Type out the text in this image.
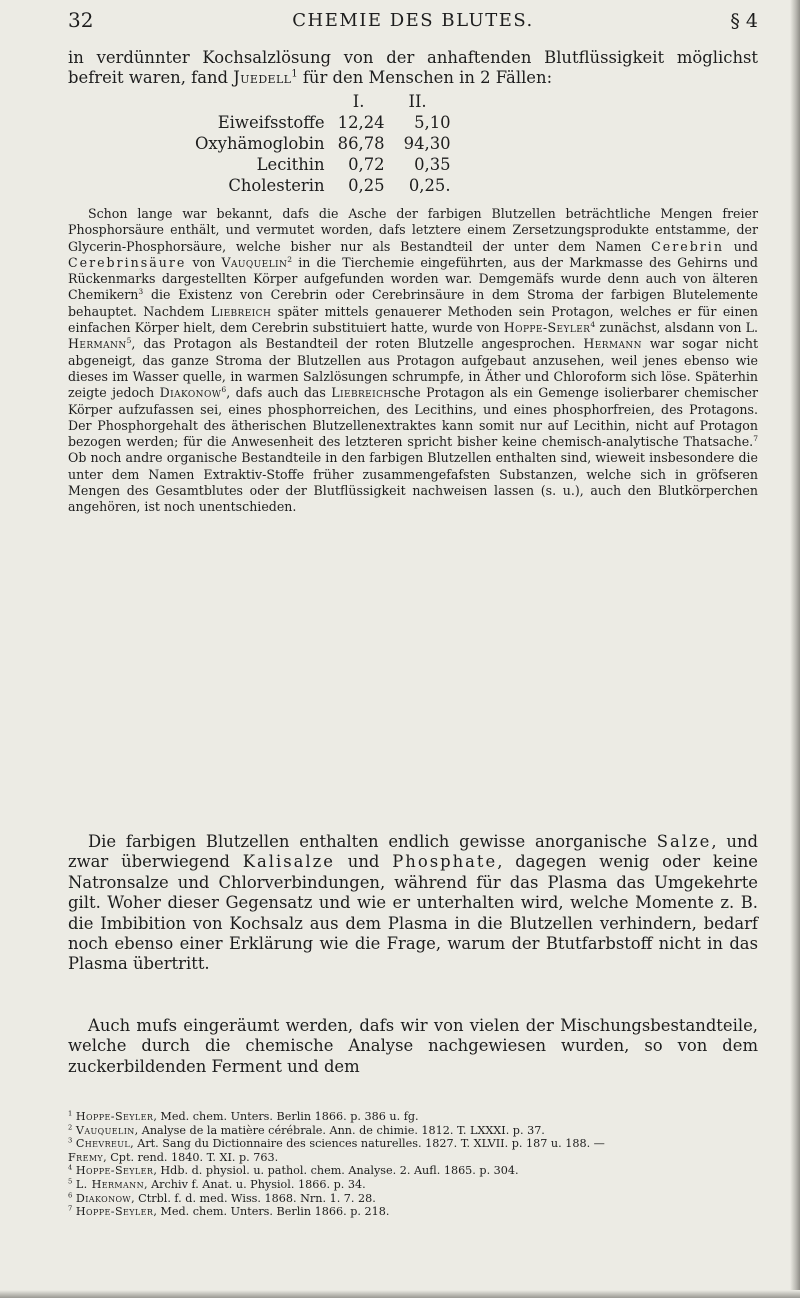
32	CHEMIE DES BLUTES.	§ 4

in verdünnter Kochsalzlösung von der anhaftenden Blutflüssigkeit möglichst befreit waren, fand Juedell$^1$ für den Menschen in 2 Fällen:

	I.	II.
Eiweifsstoffe	12,24	5,10
Oxyhämoglobin	86,78	94,30
Lecithin	0,72	0,35
Cholesterin	0,25	0,25.

Schon lange war bekannt, dafs die Asche der farbigen Blutzellen beträchtliche Mengen freier Phosphorsäure enthält, und vermutet worden, dafs letztere einem Zersetzungsprodukte entstamme, der Glycerin-Phosphorsäure, welche bisher nur als Bestandteil der unter dem Namen Cerebrin und Cerebrinsäure von Vauquelin$^2$ in die Tierchemie eingeführten, aus der Markmasse des Gehirns und Rückenmarks dargestellten Körper aufgefunden worden war. Demgemäfs wurde denn auch von älteren Chemikern$^3$ die Existenz von Cerebrin oder Cerebrinsäure in dem Stroma der farbigen Blutelemente behauptet. Nachdem Liebreich später mittels genauerer Methoden sein Protagon, welches er für einen einfachen Körper hielt, dem Cerebrin substituiert hatte, wurde von Hoppe-Seyler$^4$ zunächst, alsdann von L. Hermann$^5$, das Protagon als Bestandteil der roten Blutzelle angesprochen. Hermann war sogar nicht abgeneigt, das ganze Stroma der Blutzellen aus Protagon aufgebaut anzusehen, weil jenes ebenso wie dieses im Wasser quelle, in warmen Salzlösungen schrumpfe, in Äther und Chloroform sich löse. Späterhin zeigte jedoch Diakonow$^6$, dafs auch das Liebreichsche Protagon als ein Gemenge isolierbarer chemischer Körper aufzufassen sei, eines phosphorreichen, des Lecithins, und eines phosphorfreien, des Protagons. Der Phosphorgehalt des ätherischen Blutzellenextraktes kann somit nur auf Lecithin, nicht auf Protagon bezogen werden; für die Anwesenheit des letzteren spricht bisher keine chemisch-analytische Thatsache.$^7$ Ob noch andre organische Bestandteile in den farbigen Blutzellen enthalten sind, wieweit insbesondere die unter dem Namen Extraktiv-Stoffe früher zusammengefafsten Substanzen, welche sich in gröfseren Mengen des Gesamtblutes oder der Blutflüssigkeit nachweisen lassen (s. u.), auch den Blutkörperchen angehören, ist noch unentschieden.

Die farbigen Blutzellen enthalten endlich gewisse anorganische Salze, und zwar überwiegend Kalisalze und Phosphate, dagegen wenig oder keine Natronsalze und Chlorverbindungen, während für das Plasma das Umgekehrte gilt. Woher dieser Gegensatz und wie er unterhalten wird, welche Momente z. B. die Imbibition von Kochsalz aus dem Plasma in die Blutzellen verhindern, bedarf noch ebenso einer Erklärung wie die Frage, warum der Btutfarbstoff nicht in das Plasma übertritt.

Auch mufs eingeräumt werden, dafs wir von vielen der Mischungsbestandteile, welche durch die chemische Analyse nachgewiesen wurden, so von dem zuckerbildenden Ferment und dem

$^1$ Hoppe-Seyler, Med. chem. Unters. Berlin 1866. p. 386 u. fg.
$^2$ Vauquelin, Analyse de la matière cérébrale. Ann. de chimie. 1812. T. LXXXI. p. 37.
$^3$ Chevreul, Art. Sang du Dictionnaire des sciences naturelles. 1827. T. XLVII. p. 187 u. 188. —
Fremy, Cpt. rend. 1840. T. XI. p. 763.
$^4$ Hoppe-Seyler, Hdb. d. physiol. u. pathol. chem. Analyse. 2. Aufl. 1865. p. 304.
$^5$ L. Hermann, Archiv f. Anat. u. Physiol. 1866. p. 34.
$^6$ Diakonow, Ctrbl. f. d. med. Wiss. 1868. Nrn. 1. 7. 28.
$^7$ Hoppe-Seyler, Med. chem. Unters. Berlin 1866. p. 218.
